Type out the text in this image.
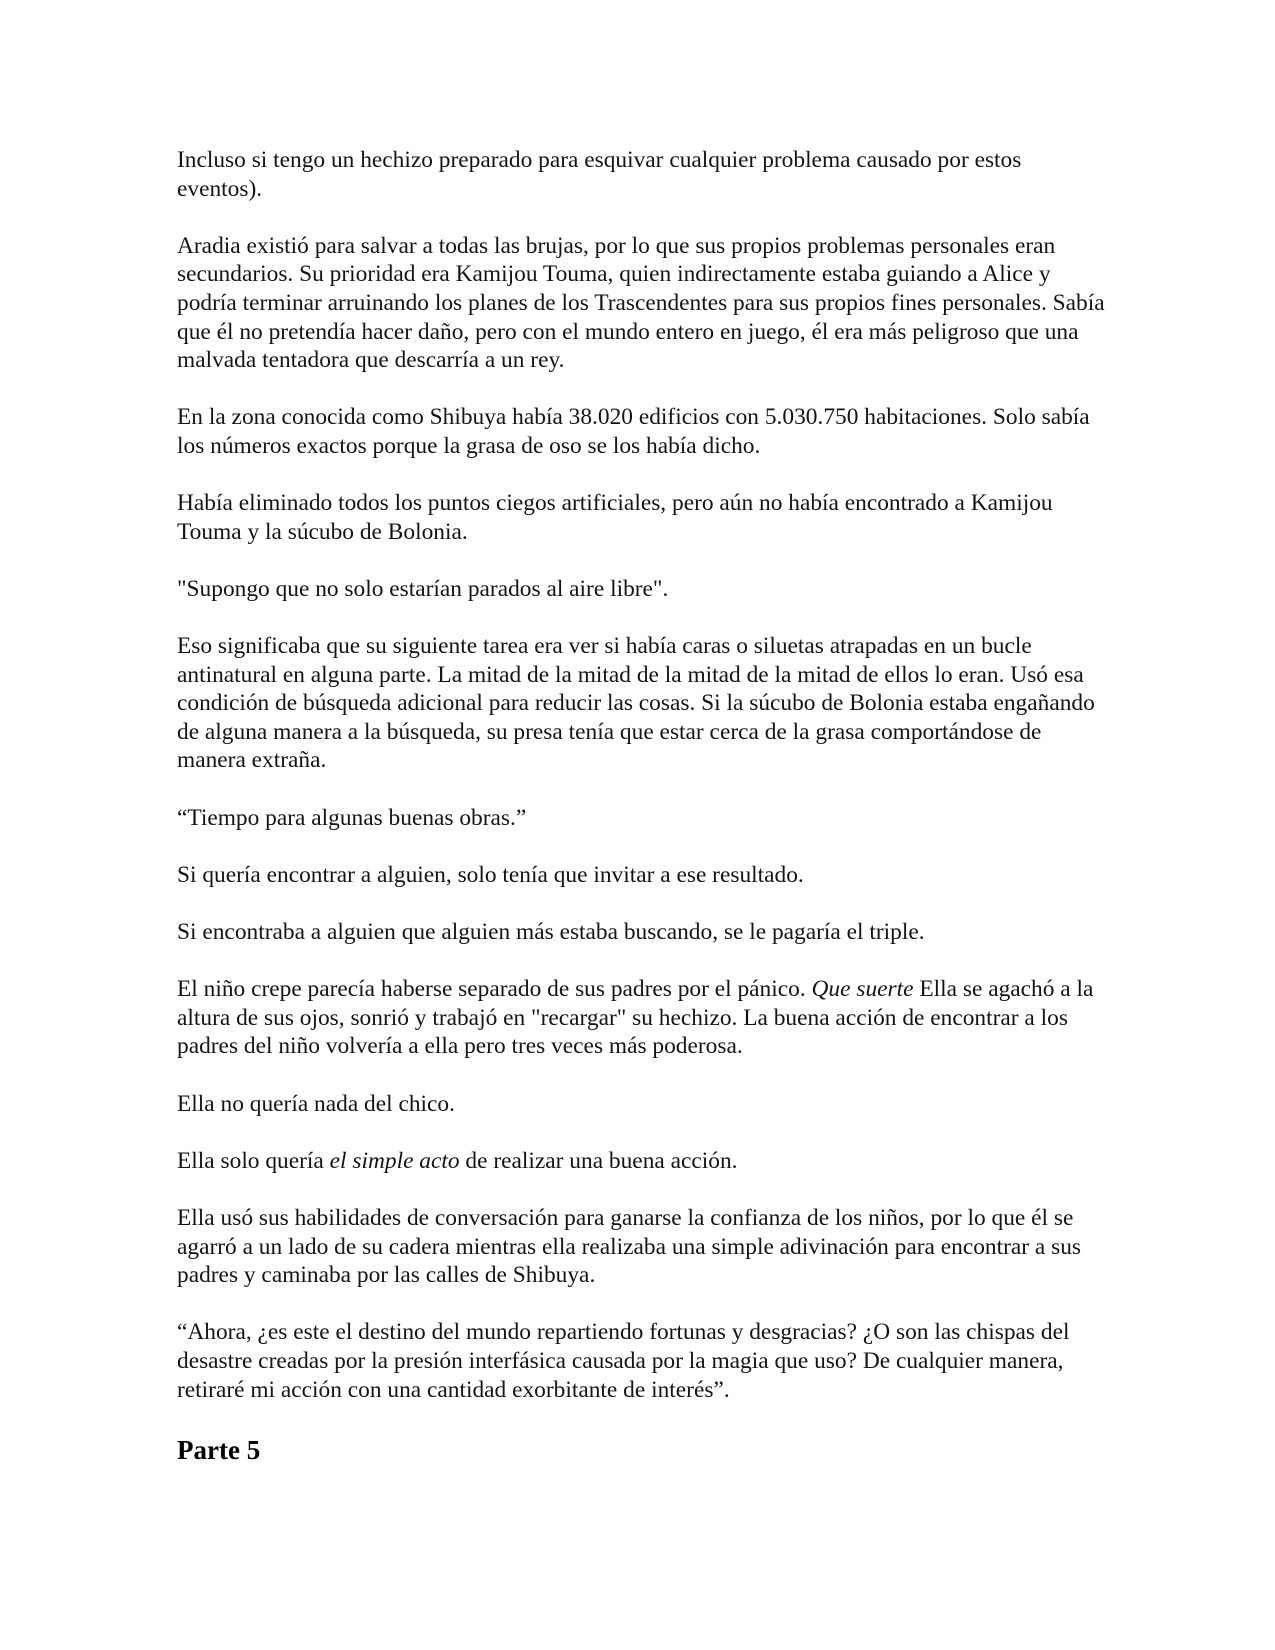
Incluso si tengo un hechizo preparado para esquivar cualquier problema causado por estos eventos).

Aradia existió para salvar a todas las brujas, por lo que sus propios problemas personales eran secundarios. Su prioridad era Kamijou Touma, quien indirectamente estaba guiando a Alice y podría terminar arruinando los planes de los Trascendentes para sus propios fines personales. Sabía que él no pretendía hacer daño, pero con el mundo entero en juego, él era más peligroso que una malvada tentadora que descarría a un rey.

En la zona conocida como Shibuya había 38.020 edificios con 5.030.750 habitaciones. Solo sabía los números exactos porque la grasa de oso se los había dicho.

Había eliminado todos los puntos ciegos artificiales, pero aún no había encontrado a Kamijou Touma y la súcubo de Bolonia.

"Supongo que no solo estarían parados al aire libre".

Eso significaba que su siguiente tarea era ver si había caras o siluetas atrapadas en un bucle antinatural en alguna parte. La mitad de la mitad de la mitad de la mitad de ellos lo eran. Usó esa condición de búsqueda adicional para reducir las cosas. Si la súcubo de Bolonia estaba engañando de alguna manera a la búsqueda, su presa tenía que estar cerca de la grasa comportándose de manera extraña.

“Tiempo para algunas buenas obras.”

Si quería encontrar a alguien, solo tenía que invitar a ese resultado.

Si encontraba a alguien que alguien más estaba buscando, se le pagaría el triple.

El niño crepe parecía haberse separado de sus padres por el pánico. Que suerte Ella se agachó a la altura de sus ojos, sonrió y trabajó en "recargar" su hechizo. La buena acción de encontrar a los padres del niño volvería a ella pero tres veces más poderosa.

Ella no quería nada del chico.

Ella solo quería el simple acto de realizar una buena acción.

Ella usó sus habilidades de conversación para ganarse la confianza de los niños, por lo que él se agarró a un lado de su cadera mientras ella realizaba una simple adivinación para encontrar a sus padres y caminaba por las calles de Shibuya.

“Ahora, ¿es este el destino del mundo repartiendo fortunas y desgracias? ¿O son las chispas del desastre creadas por la presión interfásica causada por la magia que uso? De cualquier manera, retiraré mi acción con una cantidad exorbitante de interés”.

Parte 5
